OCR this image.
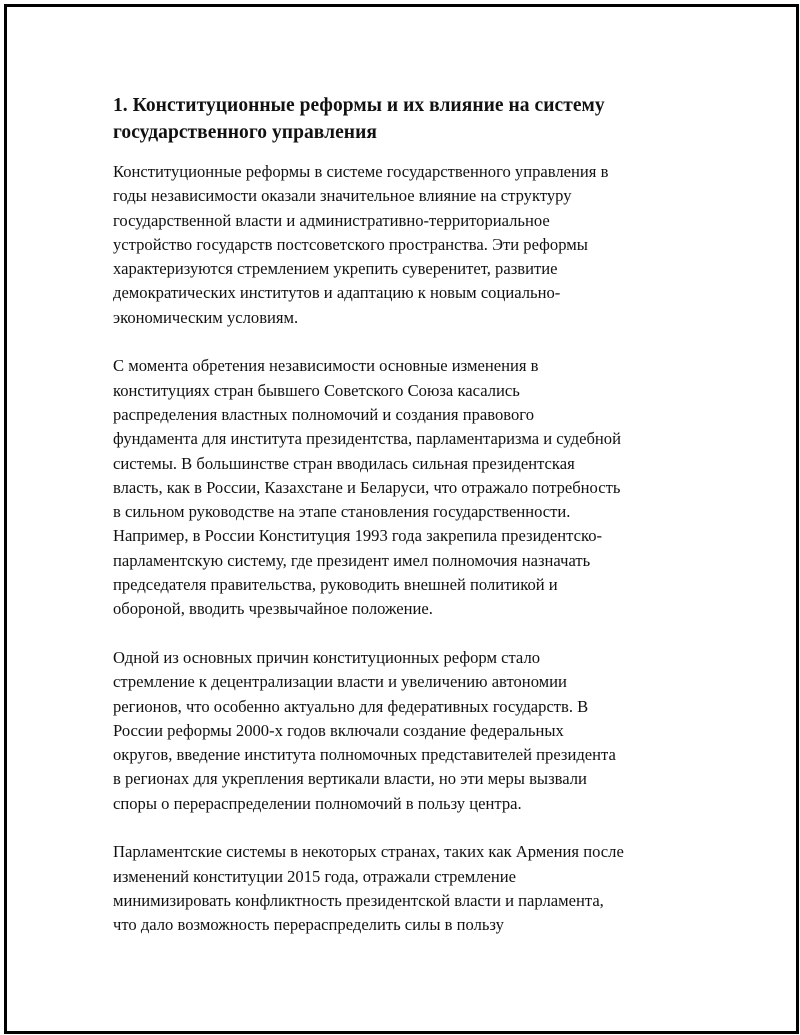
1. Конституционные реформы и их влияние на систему
государственного управления

Конституционные реформы в системе государственного управления в
годы независимости оказали значительное влияние на структуру
государственной власти и административно-территориальное
устройство государств постсоветского пространства. Эти реформы
характеризуются стремлением укрепить суверенитет, развитие
демократических институтов и адаптацию к новым социально-
экономическим условиям.

С момента обретения независимости основные изменения в
конституциях стран бывшего Советского Союза касались
распределения властных полномочий и создания правового
фундамента для института президентства, парламентаризма и судебной
системы. В большинстве стран вводилась сильная президентская
власть, как в России, Казахстане и Беларуси, что отражало потребность
в сильном руководстве на этапе становления государственности.
Например, в России Конституция 1993 года закрепила президентско-
парламентскую систему, где президент имел полномочия назначать
председателя правительства, руководить внешней политикой и
обороной, вводить чрезвычайное положение.

Одной из основных причин конституционных реформ стало
стремление к децентрализации власти и увеличению автономии
регионов, что особенно актуально для федеративных государств. В
России реформы 2000-х годов включали создание федеральных
округов, введение института полномочных представителей президента
в регионах для укрепления вертикали власти, но эти меры вызвали
споры о перераспределении полномочий в пользу центра.

Парламентские системы в некоторых странах, таких как Армения после
изменений конституции 2015 года, отражали стремление
минимизировать конфликтность президентской власти и парламента,
что дало возможность перераспределить силы в пользу
